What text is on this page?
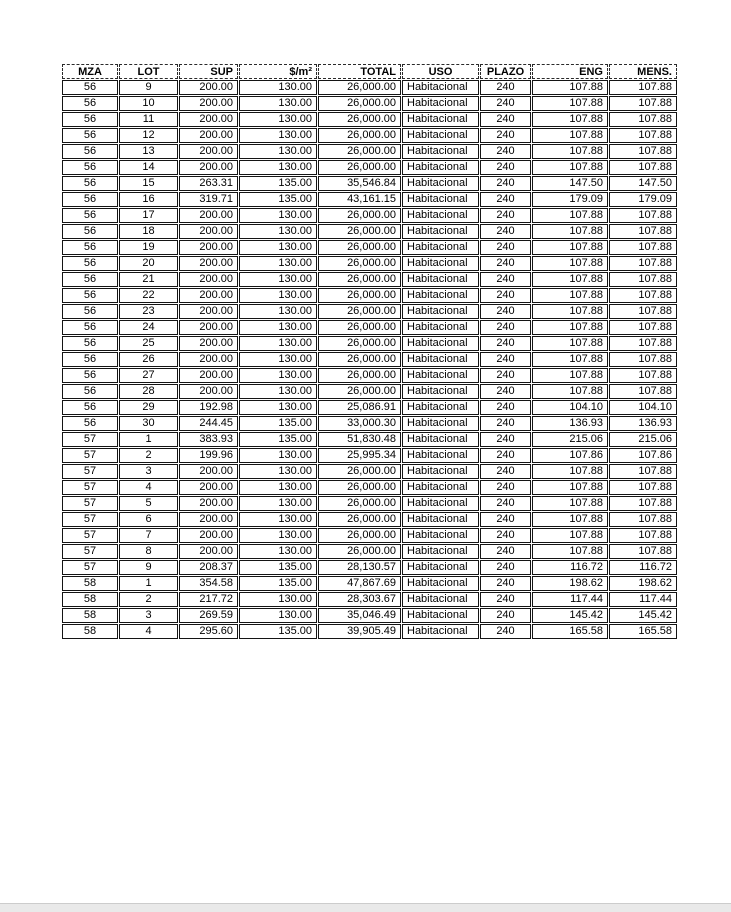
MZA	LOT	SUP	$/m²	TOTAL	USO	PLAZO	ENG	MENS.
56	9	200.00	130.00	26,000.00	Habitacional	240	107.88	107.88
56	10	200.00	130.00	26,000.00	Habitacional	240	107.88	107.88
56	11	200.00	130.00	26,000.00	Habitacional	240	107.88	107.88
56	12	200.00	130.00	26,000.00	Habitacional	240	107.88	107.88
56	13	200.00	130.00	26,000.00	Habitacional	240	107.88	107.88
56	14	200.00	130.00	26,000.00	Habitacional	240	107.88	107.88
56	15	263.31	135.00	35,546.84	Habitacional	240	147.50	147.50
56	16	319.71	135.00	43,161.15	Habitacional	240	179.09	179.09
56	17	200.00	130.00	26,000.00	Habitacional	240	107.88	107.88
56	18	200.00	130.00	26,000.00	Habitacional	240	107.88	107.88
56	19	200.00	130.00	26,000.00	Habitacional	240	107.88	107.88
56	20	200.00	130.00	26,000.00	Habitacional	240	107.88	107.88
56	21	200.00	130.00	26,000.00	Habitacional	240	107.88	107.88
56	22	200.00	130.00	26,000.00	Habitacional	240	107.88	107.88
56	23	200.00	130.00	26,000.00	Habitacional	240	107.88	107.88
56	24	200.00	130.00	26,000.00	Habitacional	240	107.88	107.88
56	25	200.00	130.00	26,000.00	Habitacional	240	107.88	107.88
56	26	200.00	130.00	26,000.00	Habitacional	240	107.88	107.88
56	27	200.00	130.00	26,000.00	Habitacional	240	107.88	107.88
56	28	200.00	130.00	26,000.00	Habitacional	240	107.88	107.88
56	29	192.98	130.00	25,086.91	Habitacional	240	104.10	104.10
56	30	244.45	135.00	33,000.30	Habitacional	240	136.93	136.93
57	1	383.93	135.00	51,830.48	Habitacional	240	215.06	215.06
57	2	199.96	130.00	25,995.34	Habitacional	240	107.86	107.86
57	3	200.00	130.00	26,000.00	Habitacional	240	107.88	107.88
57	4	200.00	130.00	26,000.00	Habitacional	240	107.88	107.88
57	5	200.00	130.00	26,000.00	Habitacional	240	107.88	107.88
57	6	200.00	130.00	26,000.00	Habitacional	240	107.88	107.88
57	7	200.00	130.00	26,000.00	Habitacional	240	107.88	107.88
57	8	200.00	130.00	26,000.00	Habitacional	240	107.88	107.88
57	9	208.37	135.00	28,130.57	Habitacional	240	116.72	116.72
58	1	354.58	135.00	47,867.69	Habitacional	240	198.62	198.62
58	2	217.72	130.00	28,303.67	Habitacional	240	117.44	117.44
58	3	269.59	130.00	35,046.49	Habitacional	240	145.42	145.42
58	4	295.60	135.00	39,905.49	Habitacional	240	165.58	165.58
